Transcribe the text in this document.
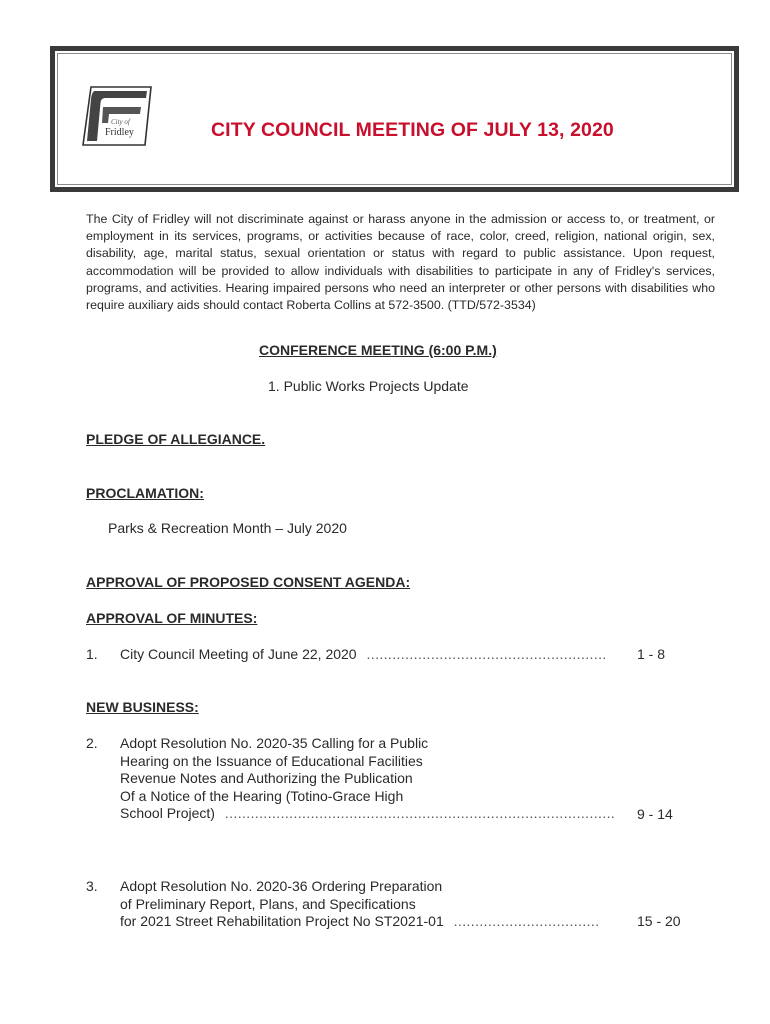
City of
Fridley	CITY COUNCIL MEETING OF JULY 13, 2020

The City of Fridley will not discriminate against or harass anyone in the admission or access to, or treatment, or employment in its services, programs, or activities because of race, color, creed, religion, national origin, sex, disability, age, marital status, sexual orientation or status with regard to public assistance. Upon request, accommodation will be provided to allow individuals with disabilities to participate in any of Fridley's services, programs, and activities. Hearing impaired persons who need an interpreter or other persons with disabilities who require auxiliary aids should contact Roberta Collins at 572-3500. (TTD/572-3534)

CONFERENCE MEETING (6:00 P.M.)
1. Public Works Projects Update
PLEDGE OF ALLEGIANCE.
PROCLAMATION:
Parks & Recreation Month – July 2020
APPROVAL OF PROPOSED CONSENT AGENDA:
APPROVAL OF MINUTES:
1. City Council Meeting of June 22, 2020 ........................................................ 1 - 8
NEW BUSINESS:
2. Adopt Resolution No. 2020-35 Calling for a Public
Hearing on the Issuance of Educational Facilities
Revenue Notes and Authorizing the Publication
Of a Notice of the Hearing (Totino-Grace High
School Project) ........................................................................................... 9 - 14
3. Adopt Resolution No. 2020-36 Ordering Preparation
of Preliminary Report, Plans, and Specifications
for 2021 Street Rehabilitation Project No ST2021-01 ..................................	15 - 20
